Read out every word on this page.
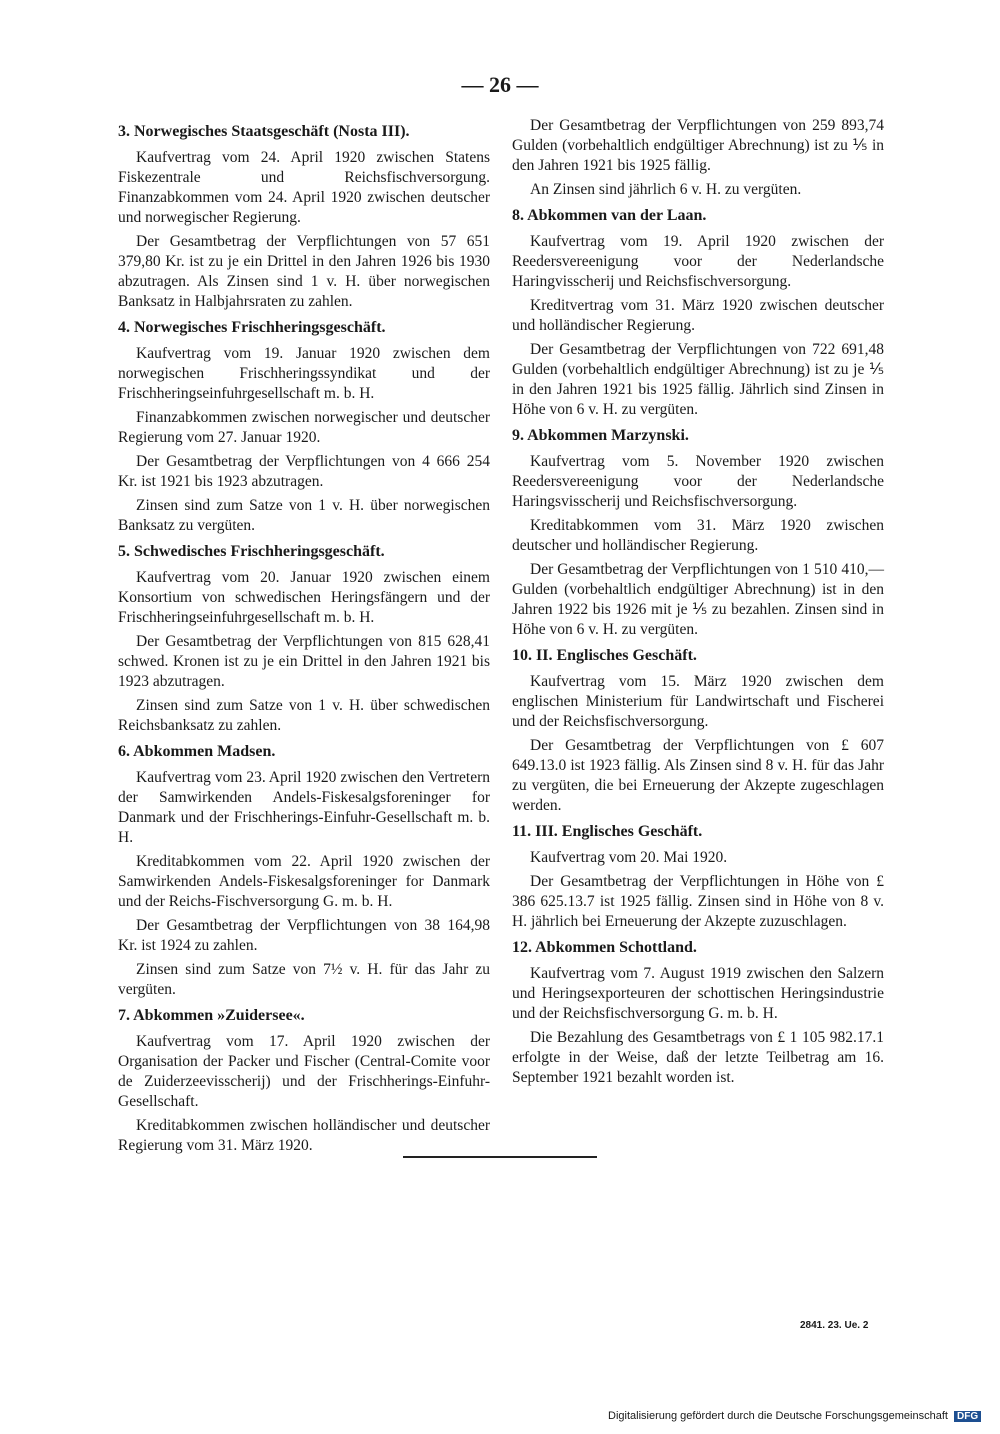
— 26 —
3. Norwegisches Staatsgeschäft (Nosta III).

Kaufvertrag vom 24. April 1920 zwischen Statens Fiskezentrale und Reichsfischversorgung. Finanzabkommen vom 24. April 1920 zwischen deutscher und norwegischer Regierung.

Der Gesamtbetrag der Verpflichtungen von 57 651 379,80 Kr. ist zu je ein Drittel in den Jahren 1926 bis 1930 abzutragen. Als Zinsen sind 1 v. H. über norwegischen Banksatz in Halbjahrsraten zu zahlen.

4. Norwegisches Frischheringsgeschäft.

Kaufvertrag vom 19. Januar 1920 zwischen dem norwegischen Frischheringssyndikat und der Frischheringseinfuhrgesellschaft m. b. H.

Finanzabkommen zwischen norwegischer und deutscher Regierung vom 27. Januar 1920.

Der Gesamtbetrag der Verpflichtungen von 4 666 254 Kr. ist 1921 bis 1923 abzutragen.

Zinsen sind zum Satze von 1 v. H. über norwegischen Banksatz zu vergüten.

5. Schwedisches Frischheringsgeschäft.

Kaufvertrag vom 20. Januar 1920 zwischen einem Konsortium von schwedischen Heringsfängern und der Frischheringseinfuhrgesellschaft m. b. H.

Der Gesamtbetrag der Verpflichtungen von 815 628,41 schwed. Kronen ist zu je ein Drittel in den Jahren 1921 bis 1923 abzutragen.

Zinsen sind zum Satze von 1 v. H. über schwedischen Reichsbanksatz zu zahlen.

6. Abkommen Madsen.

Kaufvertrag vom 23. April 1920 zwischen den Vertretern der Samwirkenden Andels-Fiskesalgsforeninger for Danmark und der Frischherings-Einfuhr-Gesellschaft m. b. H.

Kreditabkommen vom 22. April 1920 zwischen der Samwirkenden Andels-Fiskesalgsforeninger for Danmark und der Reichs-Fischversorgung G. m. b. H.

Der Gesamtbetrag der Verpflichtungen von 38 164,98 Kr. ist 1924 zu zahlen.

Zinsen sind zum Satze von 7½ v. H. für das Jahr zu vergüten.

7. Abkommen »Zuidersee«.

Kaufvertrag vom 17. April 1920 zwischen der Organisation der Packer und Fischer (Central-Comite voor de Zuiderzeevisscherij) und der Frischherings-Einfuhr-Gesellschaft.

Kreditabkommen zwischen holländischer und deutscher Regierung vom 31. März 1920.

Der Gesamtbetrag der Verpflichtungen von 259 893,74 Gulden (vorbehaltlich endgültiger Abrechnung) ist zu ⅕ in den Jahren 1921 bis 1925 fällig.

An Zinsen sind jährlich 6 v. H. zu vergüten.

8. Abkommen van der Laan.

Kaufvertrag vom 19. April 1920 zwischen der Reedersvereenigung voor der Nederlandsche Haringvisscherij und Reichsfischversorgung.

Kreditvertrag vom 31. März 1920 zwischen deutscher und holländischer Regierung.

Der Gesamtbetrag der Verpflichtungen von 722 691,48 Gulden (vorbehaltlich endgültiger Abrechnung) ist zu je ⅕ in den Jahren 1921 bis 1925 fällig. Jährlich sind Zinsen in Höhe von 6 v. H. zu vergüten.

9. Abkommen Marzynski.

Kaufvertrag vom 5. November 1920 zwischen Reedersvereenigung voor der Nederlandsche Haringsvisscherij und Reichsfischversorgung.

Kreditabkommen vom 31. März 1920 zwischen deutscher und holländischer Regierung.

Der Gesamtbetrag der Verpflichtungen von 1 510 410,— Gulden (vorbehaltlich endgültiger Abrechnung) ist in den Jahren 1922 bis 1926 mit je ⅕ zu bezahlen. Zinsen sind in Höhe von 6 v. H. zu vergüten.

10. II. Englisches Geschäft.

Kaufvertrag vom 15. März 1920 zwischen dem englischen Ministerium für Landwirtschaft und Fischerei und der Reichsfischversorgung.

Der Gesamtbetrag der Verpflichtungen von £ 607 649.13.0 ist 1923 fällig. Als Zinsen sind 8 v. H. für das Jahr zu vergüten, die bei Erneuerung der Akzepte zugeschlagen werden.

11. III. Englisches Geschäft.

Kaufvertrag vom 20. Mai 1920.

Der Gesamtbetrag der Verpflichtungen in Höhe von £ 386 625.13.7 ist 1925 fällig. Zinsen sind in Höhe von 8 v. H. jährlich bei Erneuerung der Akzepte zuzuschlagen.

12. Abkommen Schottland.

Kaufvertrag vom 7. August 1919 zwischen den Salzern und Heringsexporteuren der schottischen Heringsindustrie und der Reichsfischversorgung G. m. b. H.

Die Bezahlung des Gesamtbetrags von £ 1 105 982.17.1 erfolgte in der Weise, daß der letzte Teilbetrag am 16. September 1921 bezahlt worden ist.

2841. 23. Ue. 2
Digitalisierung gefördert durch die Deutsche Forschungsgemeinschaft DFG
